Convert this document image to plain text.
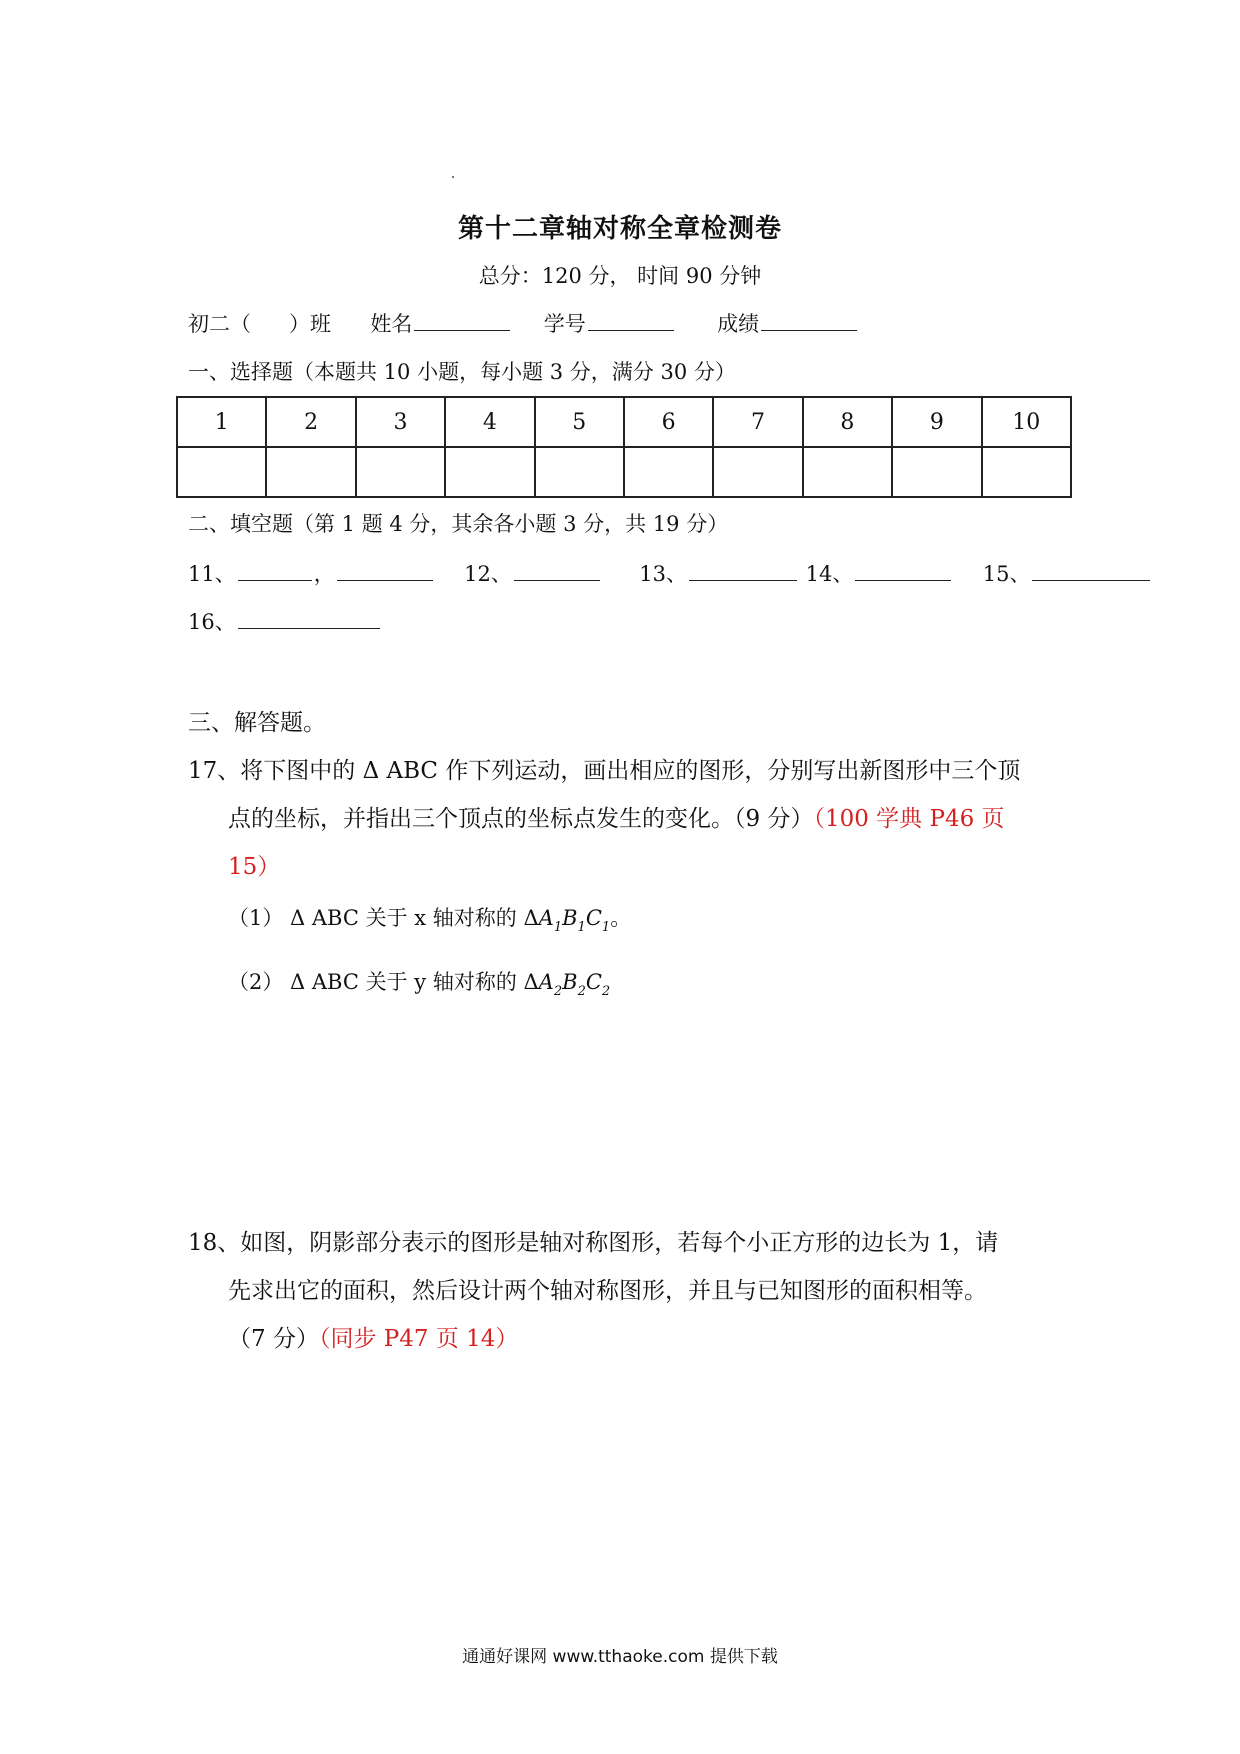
第十二章轴对称全章检测卷
总分：120 分， 时间 90 分钟
初二（ ）班 姓名	学号	成绩
一、选择题（本题共 10 小题，每小题 3 分，满分 30 分）
1	2	3	4	5	6	7	8	9	10

二、填空题（第 1 题 4 分，其余各小题 3 分，共 19 分）
11、	，	12、	13、	14、	15、
16、
三、解答题。
17、将下图中的 Δ ABC 作下列运动，画出相应的图形，分别写出新图形中三个顶
点的坐标，并指出三个顶点的坐标点发生的变化。（9 分）（100 学典 P46 页
15）
（1） Δ ABC 关于 x 轴对称的 $\Delta A_1B_1C_1$。
（2） Δ ABC 关于 y 轴对称的 $\Delta A_2B_2C_2$
18、如图，阴影部分表示的图形是轴对称图形，若每个小正方形的边长为 1，请
先求出它的面积，然后设计两个轴对称图形，并且与已知图形的面积相等。
（7 分）（同步 P47 页 14）
通通好课网 www.tthaoke.com 提供下载
